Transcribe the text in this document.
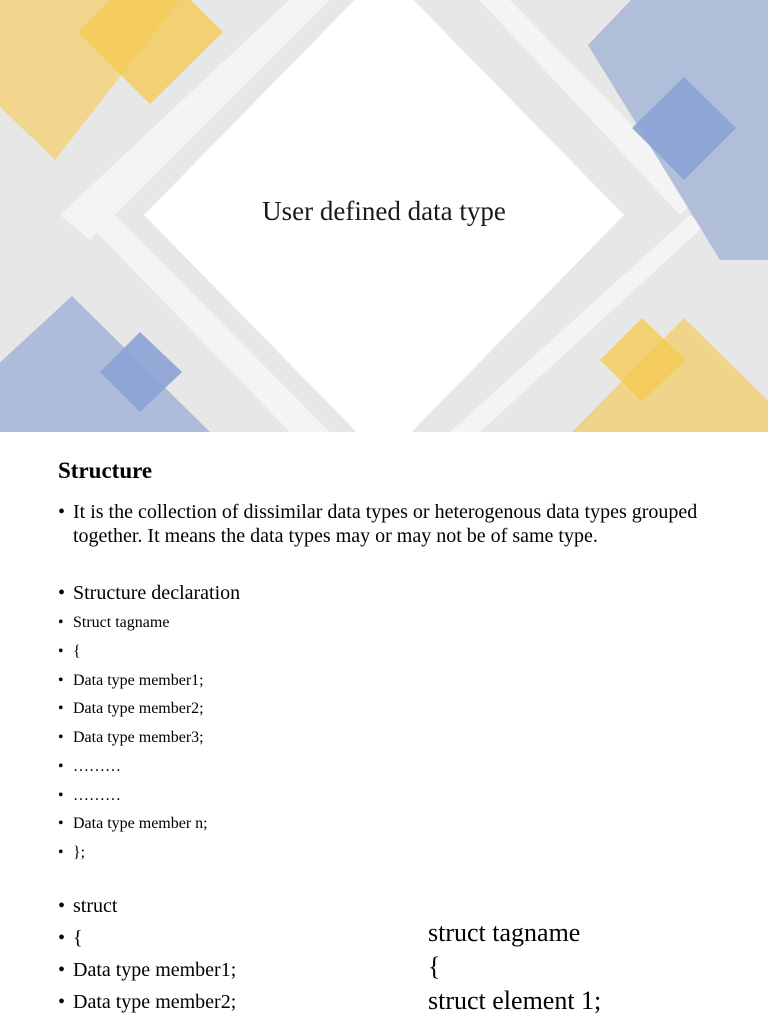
User defined data type
Structure
• It is the collection of dissimilar data types or heterogenous data types grouped together. It means the data types may or may not be of same type.
• Structure declaration
• Struct tagname
• {
• Data type member1;
• Data type member2;
• Data type member3;
• ………
• ………
• Data type member n;
• };
• struct
• {
• Data type member1;
• Data type member2;
struct tagname
{
struct element 1;
